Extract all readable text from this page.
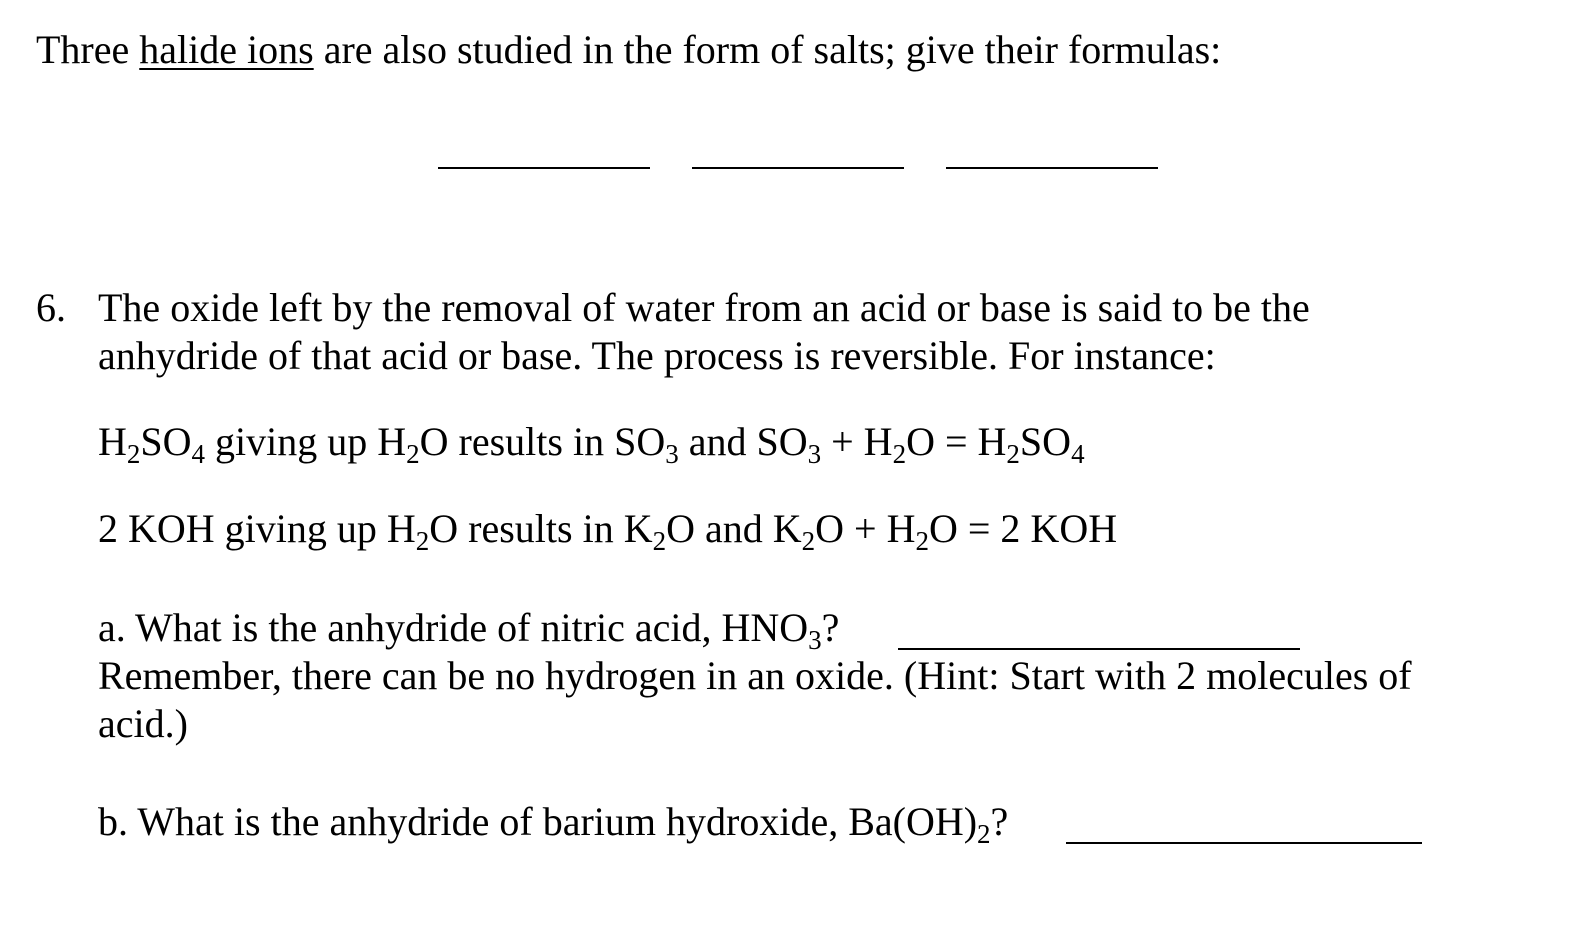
Three halide ions are also studied in the form of salts; give their formulas:
6. The oxide left by the removal of water from an acid or base is said to be the
anhydride of that acid or base. The process is reversible. For instance:
$H_2SO_4$ giving up $H_2O$ results in $SO_3$ and $SO_3 + H_2O = H_2SO_4$
2 KOH giving up $H_2O$ results in $K_2O$ and $K_2O + H_2O = 2$ KOH
a. What is the anhydride of nitric acid, $HNO_3$?
Remember, there can be no hydrogen in an oxide. (Hint: Start with 2 molecules of
acid.)
b. What is the anhydride of barium hydroxide, $Ba(OH)_2$?
